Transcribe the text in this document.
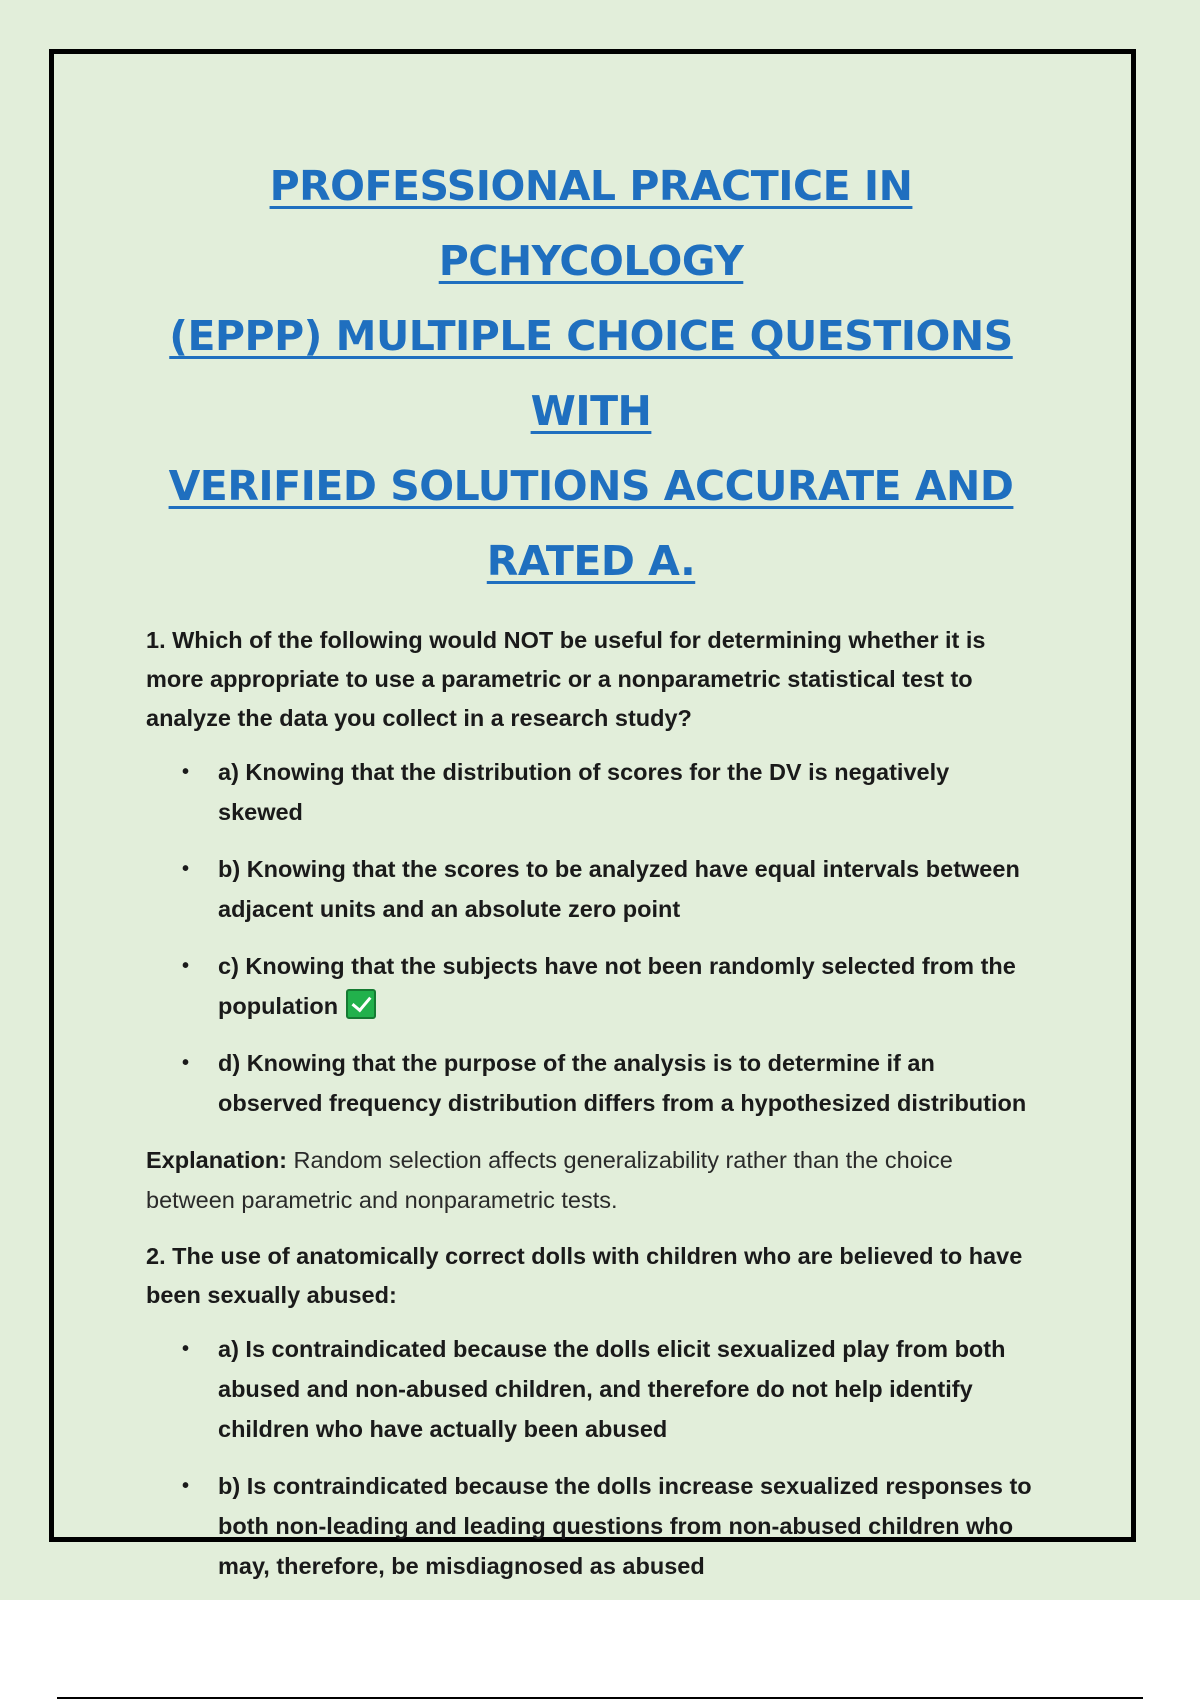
PROFESSIONAL PRACTICE IN PCHYCOLOGY
(EPPP) MULTIPLE CHOICE QUESTIONS WITH
VERIFIED SOLUTIONS ACCURATE AND
RATED A.

1. Which of the following would NOT be useful for determining whether it is more appropriate to use a parametric or a nonparametric statistical test to analyze the data you collect in a research study?

• a) Knowing that the distribution of scores for the DV is negatively skewed
• b) Knowing that the scores to be analyzed have equal intervals between adjacent units and an absolute zero point
• c) Knowing that the subjects have not been randomly selected from the population
• d) Knowing that the purpose of the analysis is to determine if an observed frequency distribution differs from a hypothesized distribution

Explanation: Random selection affects generalizability rather than the choice between parametric and nonparametric tests.

2. The use of anatomically correct dolls with children who are believed to have been sexually abused:

• a) Is contraindicated because the dolls elicit sexualized play from both abused and non-abused children, and therefore do not help identify children who have actually been abused
• b) Is contraindicated because the dolls increase sexualized responses to both non-leading and leading questions from non-abused children who may, therefore, be misdiagnosed as abused
